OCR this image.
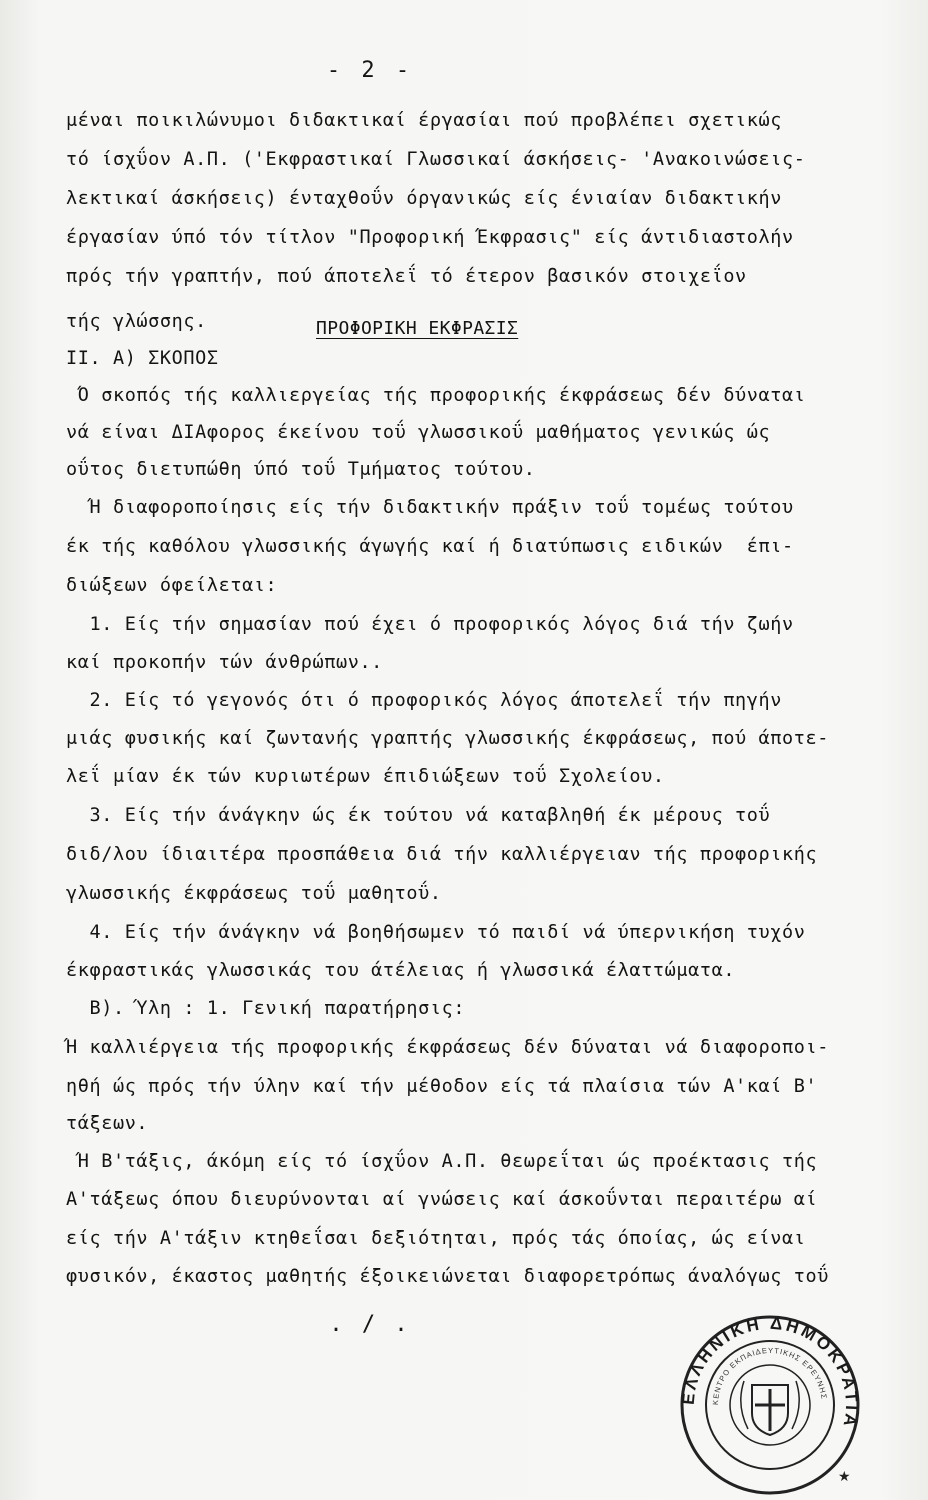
- 2 -
μέναι ποικιλώνυμοι διδακτικαί έργασίαι πού προβλέπει σχετικώς
τό ίσχΰον Α.Π. ('Εκφραστικαί Γλωσσικαί άσκήσεις- 'Ανακοινώσεις-
λεκτικαί άσκήσεις) ένταχθοΰν όργανικώς είς ένιαίαν διδακτικήν
έργασίαν ύπό τόν τίτλον "Προφορική Έκφρασις" είς άντιδιαστολήν
πρός τήν γραπτήν, πού άποτελεΐ τό έτερον βασικόν στοιχεΐον
τής γλώσσης.	ΠΡΟΦΟΡΙΚΗ ΕΚΦΡΑΣΙΣ
II. Α) ΣΚΟΠΟΣ
Ό σκοπός τής καλλιεργείας τής προφορικής έκφράσεως δέν δύναται
νά είναι ΔΙΑφορος έκείνου τοΰ γλωσσικοΰ μαθήματος γενικώς ώς
οΰτος διετυπώθη ύπό τοΰ Τμήματος τούτου.
Ή διαφοροποίησις είς τήν διδακτικήν πράξιν τοΰ τομέως τούτου
έκ τής καθόλου γλωσσικής άγωγής καί ή διατύπωσις ειδικών  έπι-
διώξεων όφείλεται:
1. Είς τήν σημασίαν πού έχει ό προφορικός λόγος διά τήν ζωήν
καί προκοπήν τών άνθρώπων..
2. Είς τό γεγονός ότι ό προφορικός λόγος άποτελεΐ τήν πηγήν
μιάς φυσικής καί ζωντανής γραπτής γλωσσικής έκφράσεως, πού άποτε-
λεΐ μίαν έκ τών κυριωτέρων έπιδιώξεων τοΰ Σχολείου.
3. Είς τήν άνάγκην ώς έκ τούτου νά καταβληθή έκ μέρους τοΰ
διδ/λου ίδιαιτέρα προσπάθεια διά τήν καλλιέργειαν τής προφορικής
γλωσσικής έκφράσεως τοΰ μαθητοΰ.
4. Είς τήν άνάγκην νά βοηθήσωμεν τό παιδί νά ύπερνικήση τυχόν
έκφραστικάς γλωσσικάς του άτέλειας ή γλωσσικά έλαττώματα.
Β). Ύλη : 1. Γενική παρατήρησις:
Ή καλλιέργεια τής προφορικής έκφράσεως δέν δύναται νά διαφοροποι-
ηθή ώς πρός τήν ύλην καί τήν μέθοδον είς τά πλαίσια τών Α'καί Β'
τάξεων.
Ή Β'τάξις, άκόμη είς τό ίσχΰον Α.Π. θεωρεΐται ώς προέκτασις τής
Α'τάξεως όπου διευρύνονται αί γνώσεις καί άσκοΰνται περαιτέρω αί
είς τήν Α'τάξιν κτηθεΐσαι δεξιότηται, πρός τάς όποίας, ώς είναι
φυσικόν, έκαστος μαθητής έξοικειώνεται διαφορετρόπως άναλόγως τοΰ
. / .
ΕΛΛΗΝΙΚΗ ΔΗΜΟΚΡΑΤΙΑ
ΚΕΝΤΡΟ ΕΚΠΑΙΔΕΥΤΙΚΗΣ ΕΡΕΥΝΗΣ
★
